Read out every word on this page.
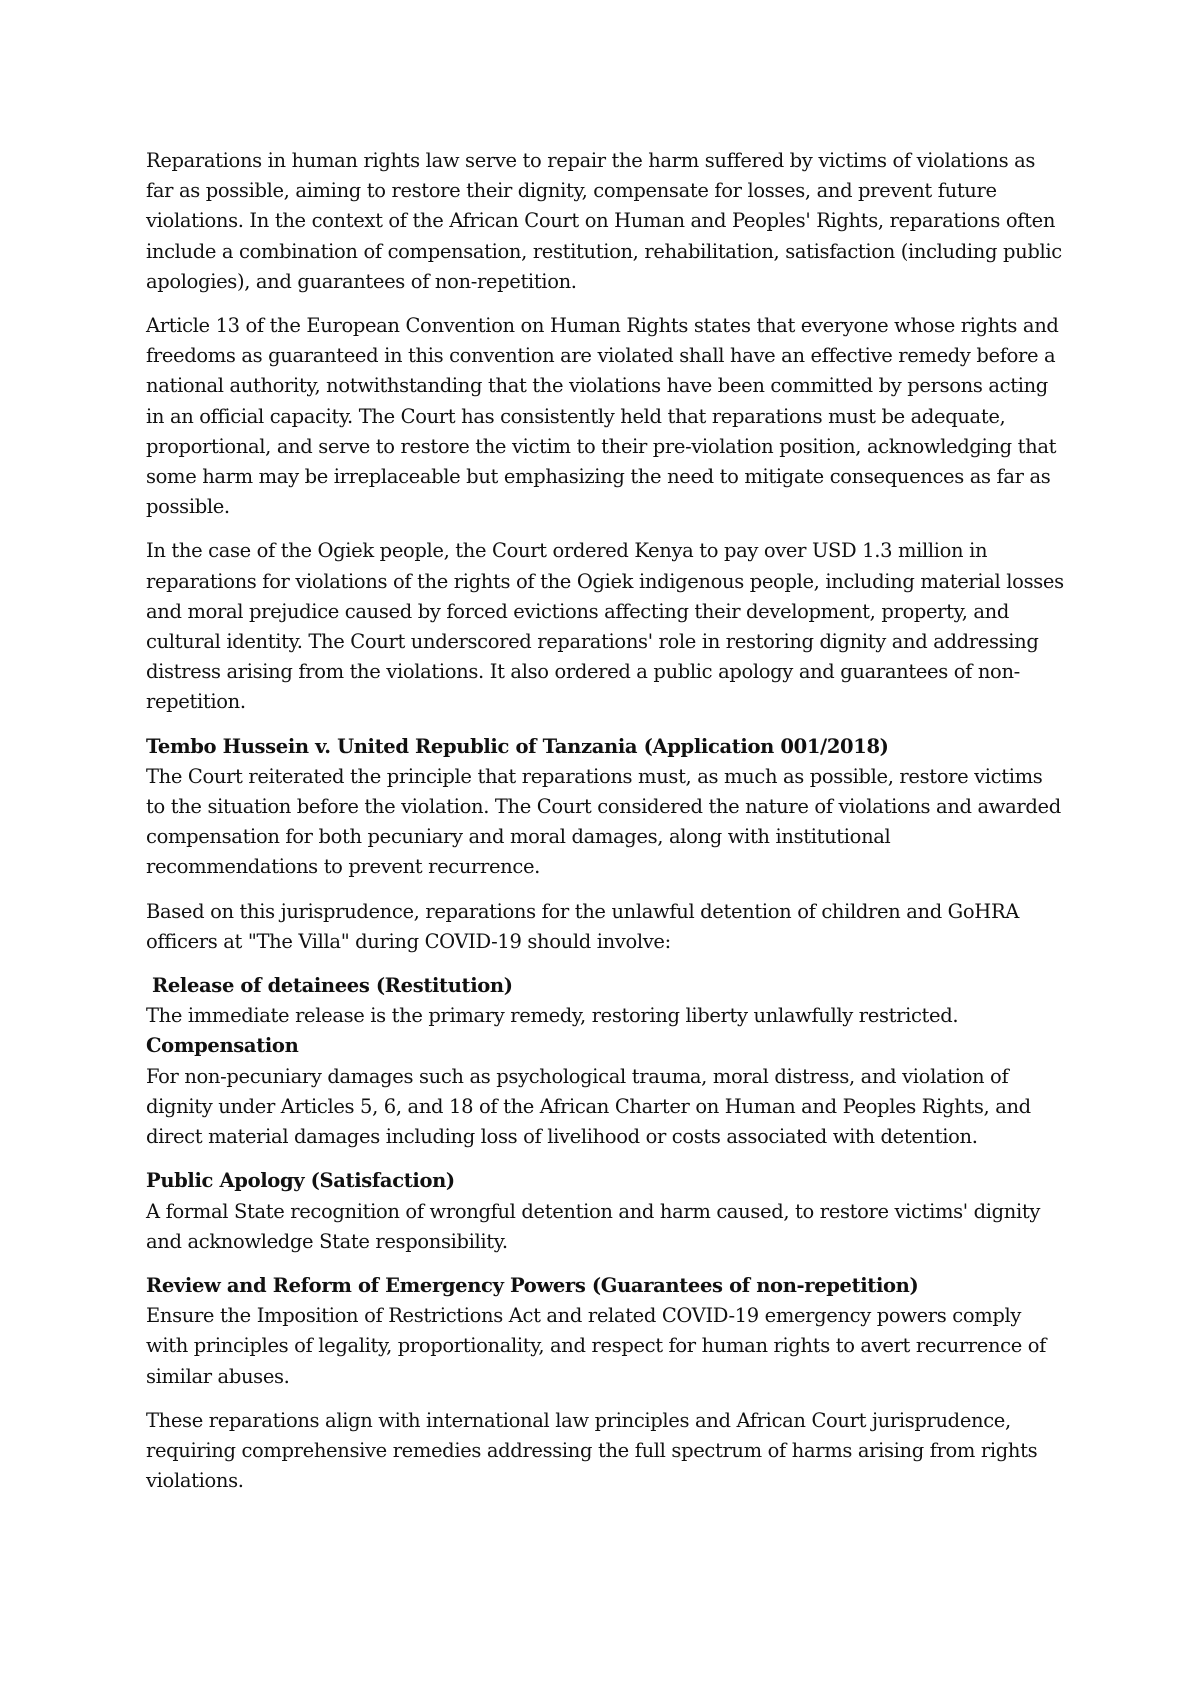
Reparations in human rights law serve to repair the harm suffered by victims of violations as far as possible, aiming to restore their dignity, compensate for losses, and prevent future violations. In the context of the African Court on Human and Peoples' Rights, reparations often include a combination of compensation, restitution, rehabilitation, satisfaction (including public apologies), and guarantees of non-repetition.

Article 13 of the European Convention on Human Rights states that everyone whose rights and freedoms as guaranteed in this convention are violated shall have an effective remedy before a national authority, notwithstanding that the violations have been committed by persons acting in an official capacity. The Court has consistently held that reparations must be adequate, proportional, and serve to restore the victim to their pre-violation position, acknowledging that some harm may be irreplaceable but emphasizing the need to mitigate consequences as far as possible.

In the case of the Ogiek people, the Court ordered Kenya to pay over USD 1.3 million in reparations for violations of the rights of the Ogiek indigenous people, including material losses and moral prejudice caused by forced evictions affecting their development, property, and cultural identity. The Court underscored reparations' role in restoring dignity and addressing distress arising from the violations. It also ordered a public apology and guarantees of non-repetition.

Tembo Hussein v. United Republic of Tanzania (Application 001/2018)

The Court reiterated the principle that reparations must, as much as possible, restore victims to the situation before the violation. The Court considered the nature of violations and awarded compensation for both pecuniary and moral damages, along with institutional recommendations to prevent recurrence.

Based on this jurisprudence, reparations for the unlawful detention of children and GoHRA officers at "The Villa" during COVID-19 should involve:

Release of detainees (Restitution)

The immediate release is the primary remedy, restoring liberty unlawfully restricted.

Compensation

For non-pecuniary damages such as psychological trauma, moral distress, and violation of dignity under Articles 5, 6, and 18 of the African Charter on Human and Peoples Rights, and direct material damages including loss of livelihood or costs associated with detention.

Public Apology (Satisfaction)

A formal State recognition of wrongful detention and harm caused, to restore victims' dignity and acknowledge State responsibility.

Review and Reform of Emergency Powers (Guarantees of non-repetition)

Ensure the Imposition of Restrictions Act and related COVID-19 emergency powers comply with principles of legality, proportionality, and respect for human rights to avert recurrence of similar abuses.

These reparations align with international law principles and African Court jurisprudence, requiring comprehensive remedies addressing the full spectrum of harms arising from rights violations.
